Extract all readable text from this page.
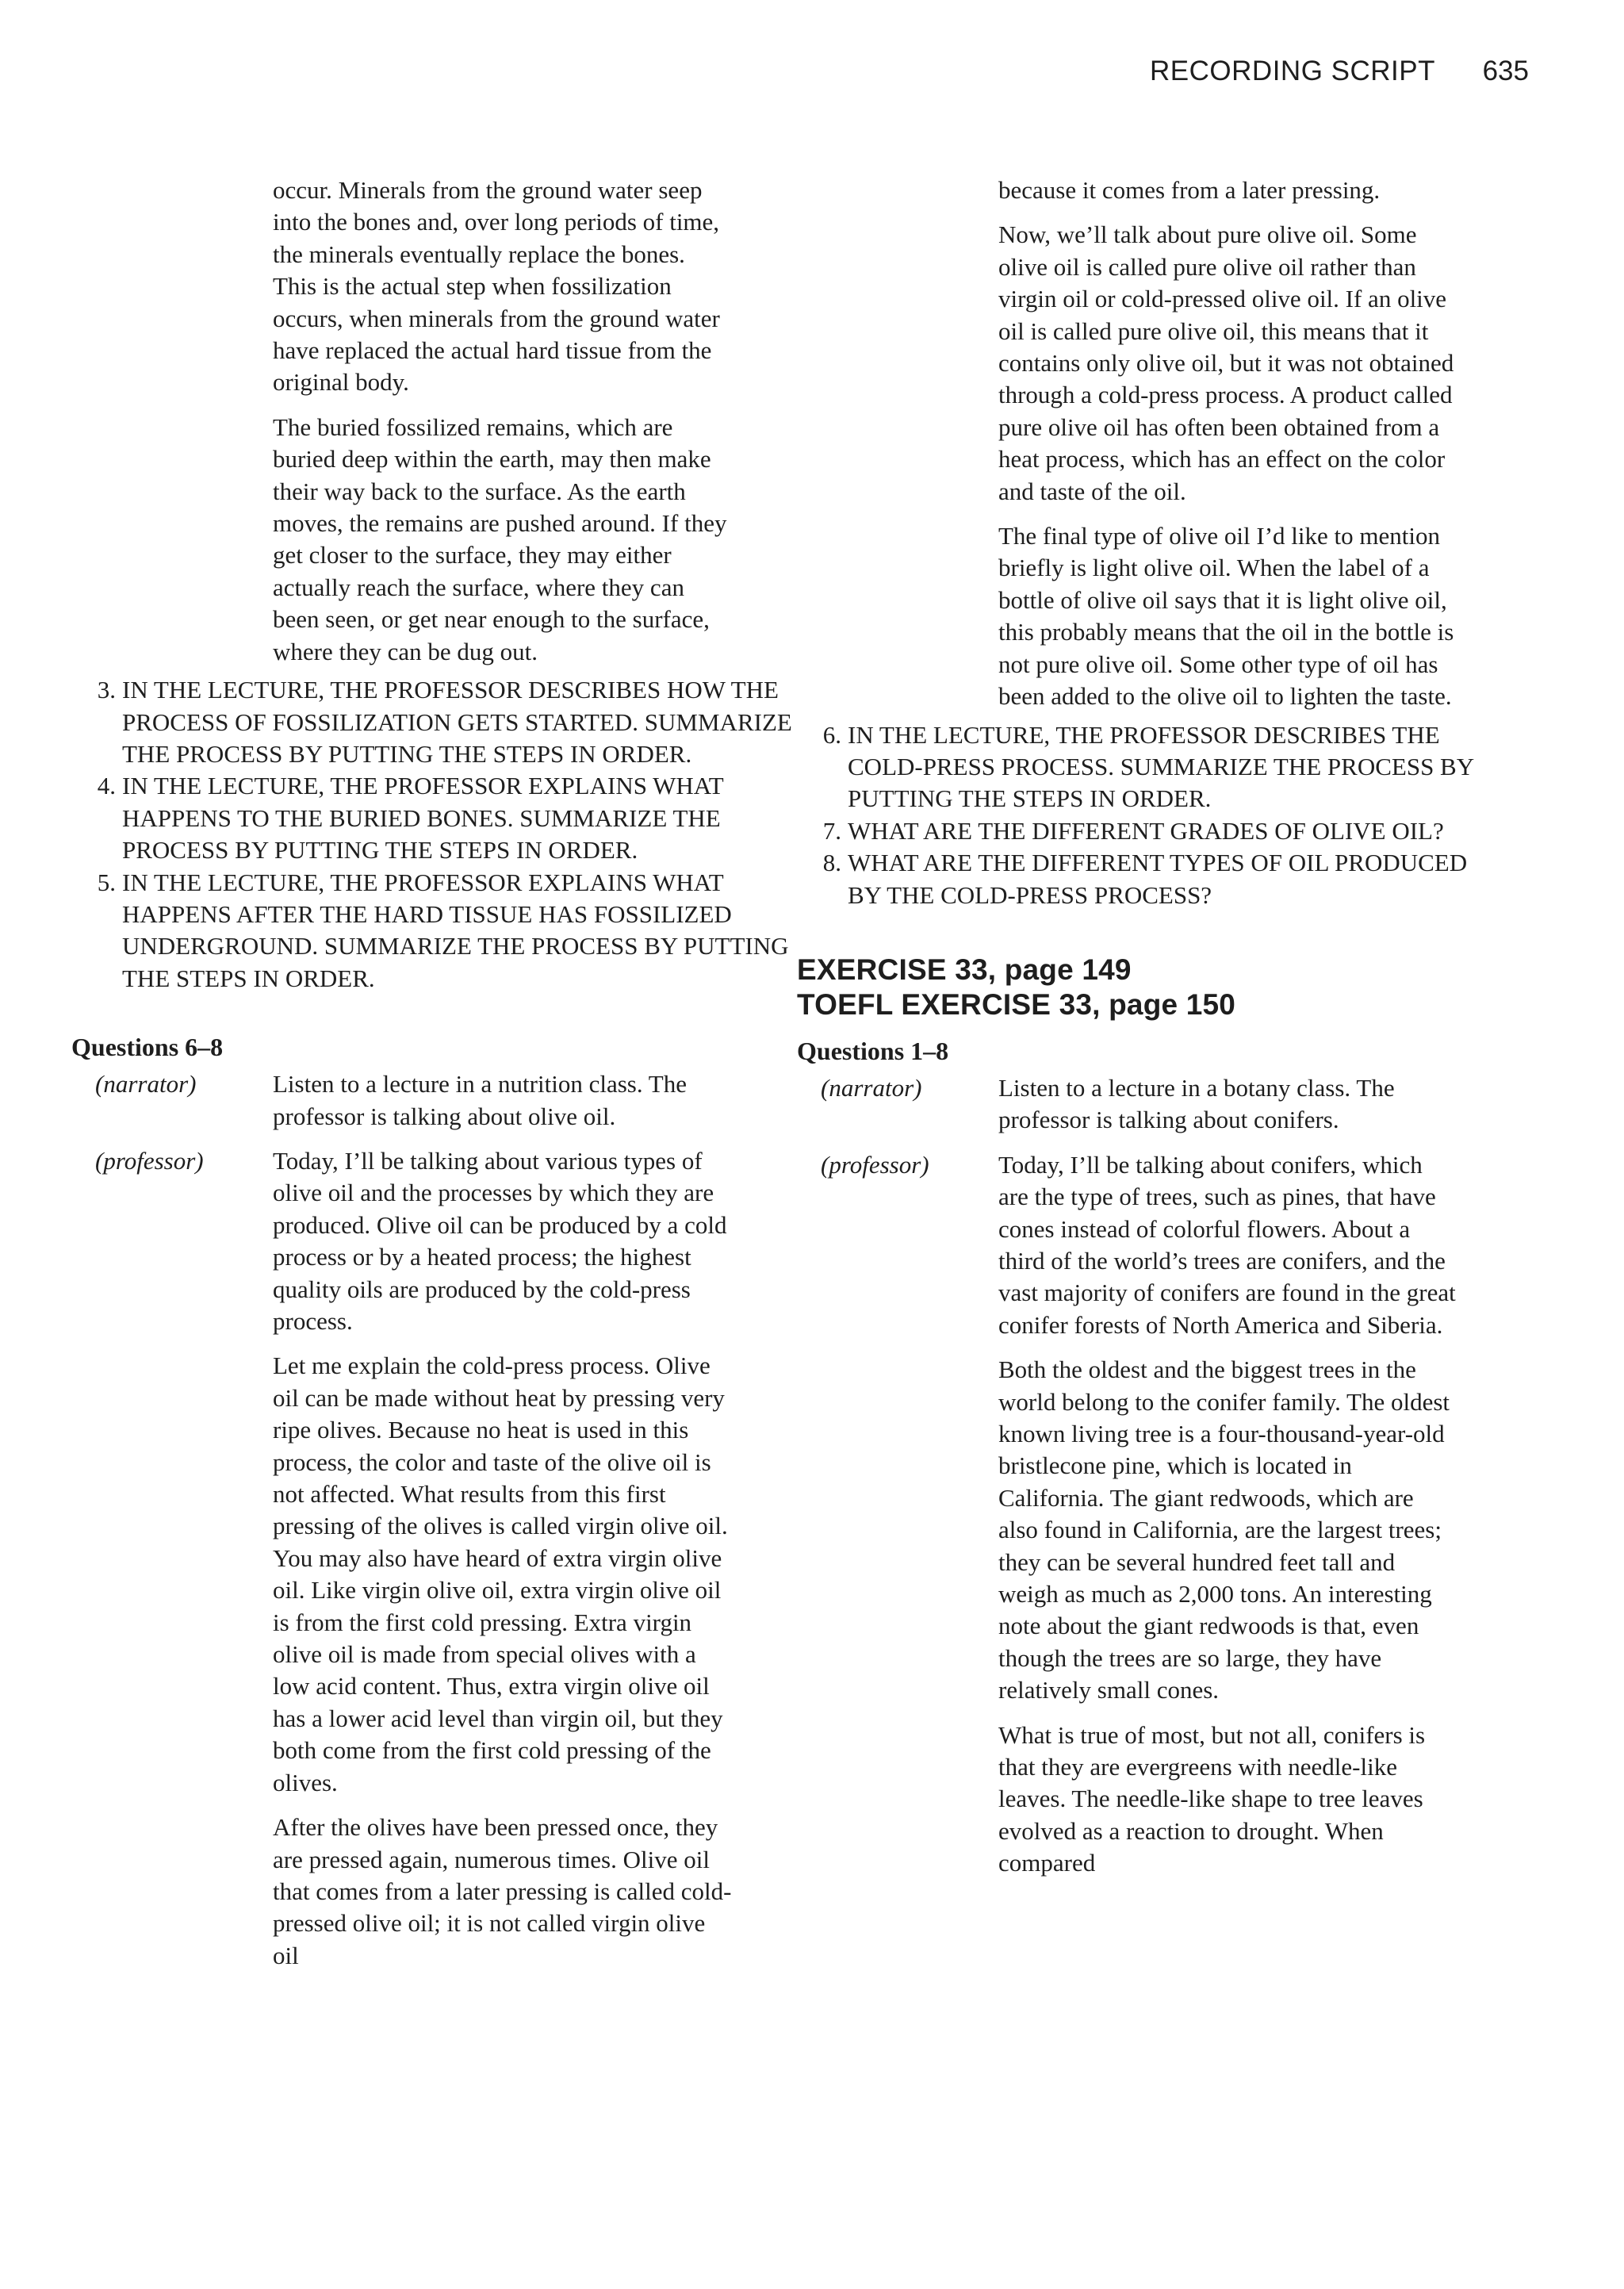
RECORDING SCRIPT 635

occur. Minerals from the ground water seep into the bones and, over long periods of time, the minerals eventually replace the bones. This is the actual step when fossilization occurs, when minerals from the ground water have replaced the actual hard tissue from the original body.

The buried fossilized remains, which are buried deep within the earth, may then make their way back to the surface. As the earth moves, the remains are pushed around. If they get closer to the surface, they may either actually reach the surface, where they can been seen, or get near enough to the surface, where they can be dug out.

3. IN THE LECTURE, THE PROFESSOR DESCRIBES HOW THE PROCESS OF FOSSILIZATION GETS STARTED. SUMMARIZE THE PROCESS BY PUTTING THE STEPS IN ORDER.
4. IN THE LECTURE, THE PROFESSOR EXPLAINS WHAT HAPPENS TO THE BURIED BONES. SUMMARIZE THE PROCESS BY PUTTING THE STEPS IN ORDER.
5. IN THE LECTURE, THE PROFESSOR EXPLAINS WHAT HAPPENS AFTER THE HARD TISSUE HAS FOSSILIZED UNDERGROUND. SUMMARIZE THE PROCESS BY PUTTING THE STEPS IN ORDER.

Questions 6–8

(narrator)	Listen to a lecture in a nutrition class. The professor is talking about olive oil.

(professor)	Today, I’ll be talking about various types of olive oil and the processes by which they are produced. Olive oil can be produced by a cold process or by a heated process; the highest quality oils are produced by the cold-press process.

Let me explain the cold-press process. Olive oil can be made without heat by pressing very ripe olives. Because no heat is used in this process, the color and taste of the olive oil is not affected. What results from this first pressing of the olives is called virgin olive oil. You may also have heard of extra virgin olive oil. Like virgin olive oil, extra virgin olive oil is from the first cold pressing. Extra virgin olive oil is made from special olives with a low acid content. Thus, extra virgin olive oil has a lower acid level than virgin oil, but they both come from the first cold pressing of the olives.

After the olives have been pressed once, they are pressed again, numerous times. Olive oil that comes from a later pressing is called cold-pressed olive oil; it is not called virgin olive oil

because it comes from a later pressing.

Now, we’ll talk about pure olive oil. Some olive oil is called pure olive oil rather than virgin oil or cold-pressed olive oil. If an olive oil is called pure olive oil, this means that it contains only olive oil, but it was not obtained through a cold-press process. A product called pure olive oil has often been obtained from a heat process, which has an effect on the color and taste of the oil.

The final type of olive oil I’d like to mention briefly is light olive oil. When the label of a bottle of olive oil says that it is light olive oil, this probably means that the oil in the bottle is not pure olive oil. Some other type of oil has been added to the olive oil to lighten the taste.

6. IN THE LECTURE, THE PROFESSOR DESCRIBES THE COLD-PRESS PROCESS. SUMMARIZE THE PROCESS BY PUTTING THE STEPS IN ORDER.
7. WHAT ARE THE DIFFERENT GRADES OF OLIVE OIL?
8. WHAT ARE THE DIFFERENT TYPES OF OIL PRODUCED BY THE COLD-PRESS PROCESS?

EXERCISE 33, page 149

TOEFL EXERCISE 33, page 150

Questions 1–8

(narrator)	Listen to a lecture in a botany class. The professor is talking about conifers.

(professor)	Today, I’ll be talking about conifers, which are the type of trees, such as pines, that have cones instead of colorful flowers. About a third of the world’s trees are conifers, and the vast majority of conifers are found in the great conifer forests of North America and Siberia.

Both the oldest and the biggest trees in the world belong to the conifer family. The oldest known living tree is a four-thousand-year-old bristlecone pine, which is located in California. The giant redwoods, which are also found in California, are the largest trees; they can be several hundred feet tall and weigh as much as 2,000 tons. An interesting note about the giant redwoods is that, even though the trees are so large, they have relatively small cones.

What is true of most, but not all, conifers is that they are evergreens with needle-like leaves. The needle-like shape to tree leaves evolved as a reaction to drought. When compared
